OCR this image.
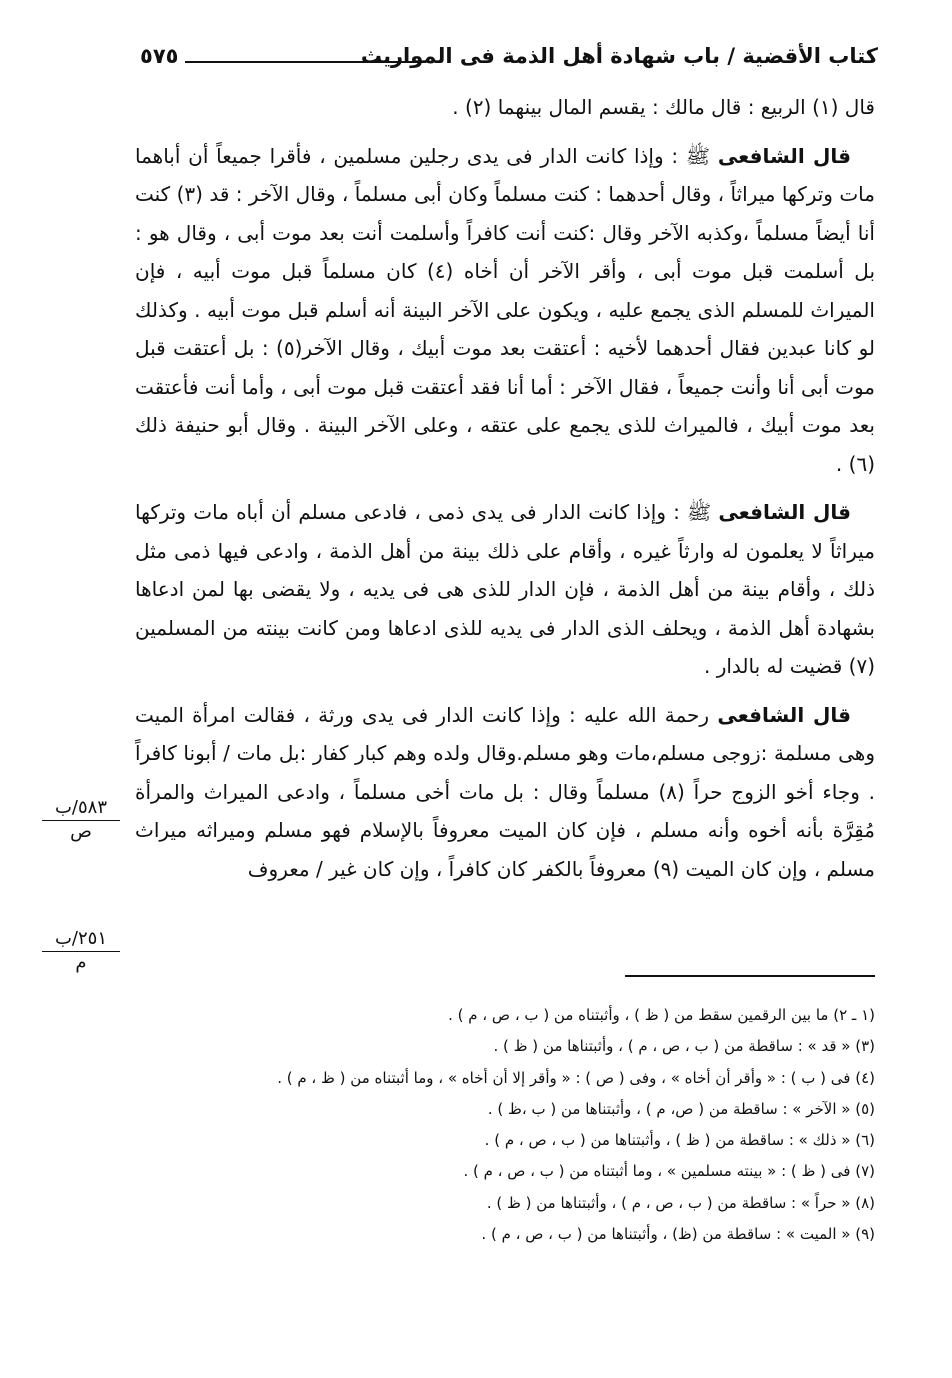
كتاب الأقضية / باب شهادة أهل الذمة فى المواريث
٥٧٥

قال (١) الربيع : قال مالك : يقسم المال بينهما (٢) .

قال الشافعى ﷺ : وإذا كانت الدار فى يدى رجلين مسلمين ، فأقرا جميعاً أن أباهما مات وتركها ميراثاً ، وقال أحدهما : كنت مسلماً وكان أبى مسلماً ، وقال الآخر : قد (٣) كنت أنا أيضاً مسلماً ،وكذبه الآخر وقال :كنت أنت كافراً وأسلمت أنت بعد موت أبى ، وقال هو : بل أسلمت قبل موت أبى ، وأقر الآخر أن أخاه (٤) كان مسلماً قبل موت أبيه ، فإن الميراث للمسلم الذى يجمع عليه ، ويكون على الآخر البينة أنه أسلم قبل موت أبيه . وكذلك لو كانا عبدين فقال أحدهما لأخيه : أعتقت بعد موت أبيك ، وقال الآخر(٥) : بل أعتقت قبل موت أبى أنا وأنت جميعاً ، فقال الآخر : أما أنا فقد أعتقت قبل موت أبى ، وأما أنت فأعتقت بعد موت أبيك ، فالميراث للذى يجمع على عتقه ، وعلى الآخر البينة . وقال أبو حنيفة ذلك (٦) .

قال الشافعى ﷺ : وإذا كانت الدار فى يدى ذمى ، فادعى مسلم أن أباه مات وتركها ميراثاً لا يعلمون له وارثاً غيره ، وأقام على ذلك بينة من أهل الذمة ، وادعى فيها ذمى مثل ذلك ، وأقام بينة من أهل الذمة ، فإن الدار للذى هى فى يديه ، ولا يقضى بها لمن ادعاها بشهادة أهل الذمة ، ويحلف الذى الدار فى يديه للذى ادعاها ومن كانت بينته من المسلمين (٧) قضيت له بالدار .

قال الشافعى رحمة الله عليه : وإذا كانت الدار فى يدى ورثة ، فقالت امرأة الميت وهى مسلمة :زوجى مسلم،مات وهو مسلم.وقال ولده وهم كبار كفار :بل مات / أبونا كافراً . وجاء أخو الزوج حراً (٨) مسلماً وقال : بل مات أخى مسلماً ، وادعى الميراث والمرأة مُقِرَّة بأنه أخوه وأنه مسلم ، فإن كان الميت معروفاً بالإسلام فهو مسلم وميراثه ميراث مسلم ، وإن كان الميت (٩) معروفاً بالكفر كان كافراً ، وإن كان غير / معروف

٥٨٣/ب
ص
٢٥١/ب
م
(١ ـ ٢) ما بين الرقمين سقط من ( ظ ) ، وأثبتناه من ( ب ، ص ، م ) .
(٣) « قد » : ساقطة من ( ب ، ص ، م ) ، وأثبتناها من ( ظ ) .
(٤) فى ( ب ) : « وأقر أن أخاه » ، وفى ( ص ) : « وأقر إلا أن أخاه » ، وما أثبتناه من ( ظ ، م ) .
(٥) « الآخر » : ساقطة من ( ص، م ) ، وأثبتناها من ( ب ،ظ ) .
(٦) « ذلك » : ساقطة من ( ظ ) ، وأثبتناها من ( ب ، ص ، م ) .
(٧) فى ( ظ ) : « بينته مسلمين » ، وما أثبتناه من ( ب ، ص ، م ) .
(٨) « حراً » : ساقطة من ( ب ، ص ، م ) ، وأثبتناها من ( ظ ) .
(٩) « الميت » : ساقطة من (ظ) ، وأثبتناها من ( ب ، ص ، م ) .
